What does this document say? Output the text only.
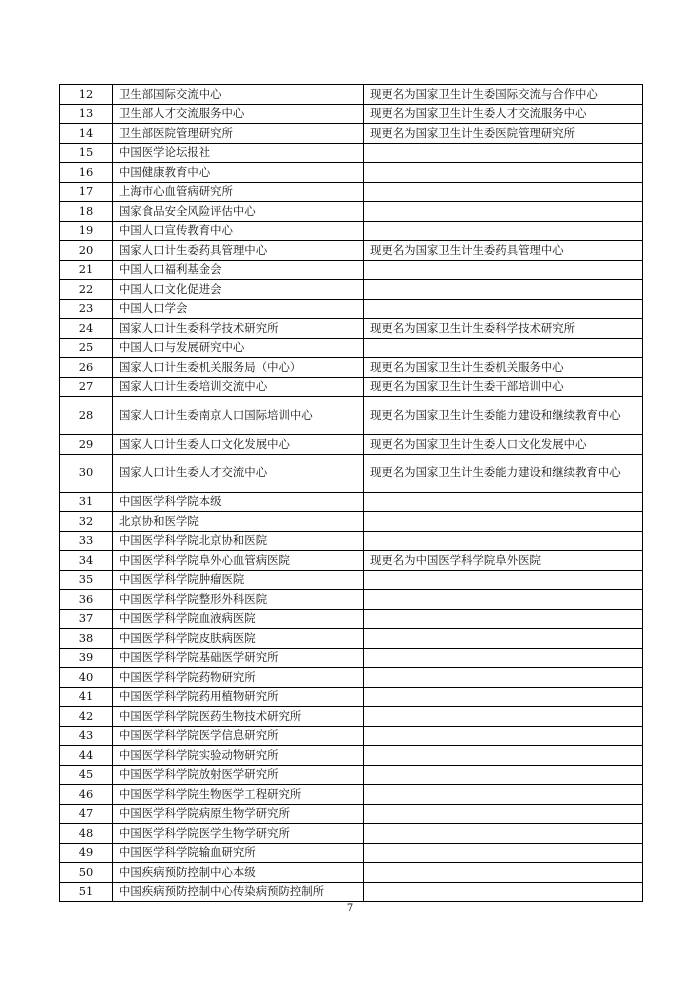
12	卫生部国际交流中心	现更名为国家卫生计生委国际交流与合作中心
13	卫生部人才交流服务中心	现更名为国家卫生计生委人才交流服务中心
14	卫生部医院管理研究所	现更名为国家卫生计生委医院管理研究所
15	中国医学论坛报社	
16	中国健康教育中心	
17	上海市心血管病研究所	
18	国家食品安全风险评估中心	
19	中国人口宣传教育中心	
20	国家人口计生委药具管理中心	现更名为国家卫生计生委药具管理中心
21	中国人口福利基金会	
22	中国人口文化促进会	
23	中国人口学会	
24	国家人口计生委科学技术研究所	现更名为国家卫生计生委科学技术研究所
25	中国人口与发展研究中心	
26	国家人口计生委机关服务局（中心）	现更名为国家卫生计生委机关服务中心
27	国家人口计生委培训交流中心	现更名为国家卫生计生委干部培训中心
28	国家人口计生委南京人口国际培训中心	现更名为国家卫生计生委能力建设和继续教育中心
29	国家人口计生委人口文化发展中心	现更名为国家卫生计生委人口文化发展中心
30	国家人口计生委人才交流中心	现更名为国家卫生计生委能力建设和继续教育中心
31	中国医学科学院本级	
32	北京协和医学院	
33	中国医学科学院北京协和医院	
34	中国医学科学院阜外心血管病医院	现更名为中国医学科学院阜外医院
35	中国医学科学院肿瘤医院	
36	中国医学科学院整形外科医院	
37	中国医学科学院血液病医院	
38	中国医学科学院皮肤病医院	
39	中国医学科学院基础医学研究所	
40	中国医学科学院药物研究所	
41	中国医学科学院药用植物研究所	
42	中国医学科学院医药生物技术研究所	
43	中国医学科学院医学信息研究所	
44	中国医学科学院实验动物研究所	
45	中国医学科学院放射医学研究所	
46	中国医学科学院生物医学工程研究所	
47	中国医学科学院病原生物学研究所	
48	中国医学科学院医学生物学研究所	
49	中国医学科学院输血研究所	
50	中国疾病预防控制中心本级	
51	中国疾病预防控制中心传染病预防控制所	
7
